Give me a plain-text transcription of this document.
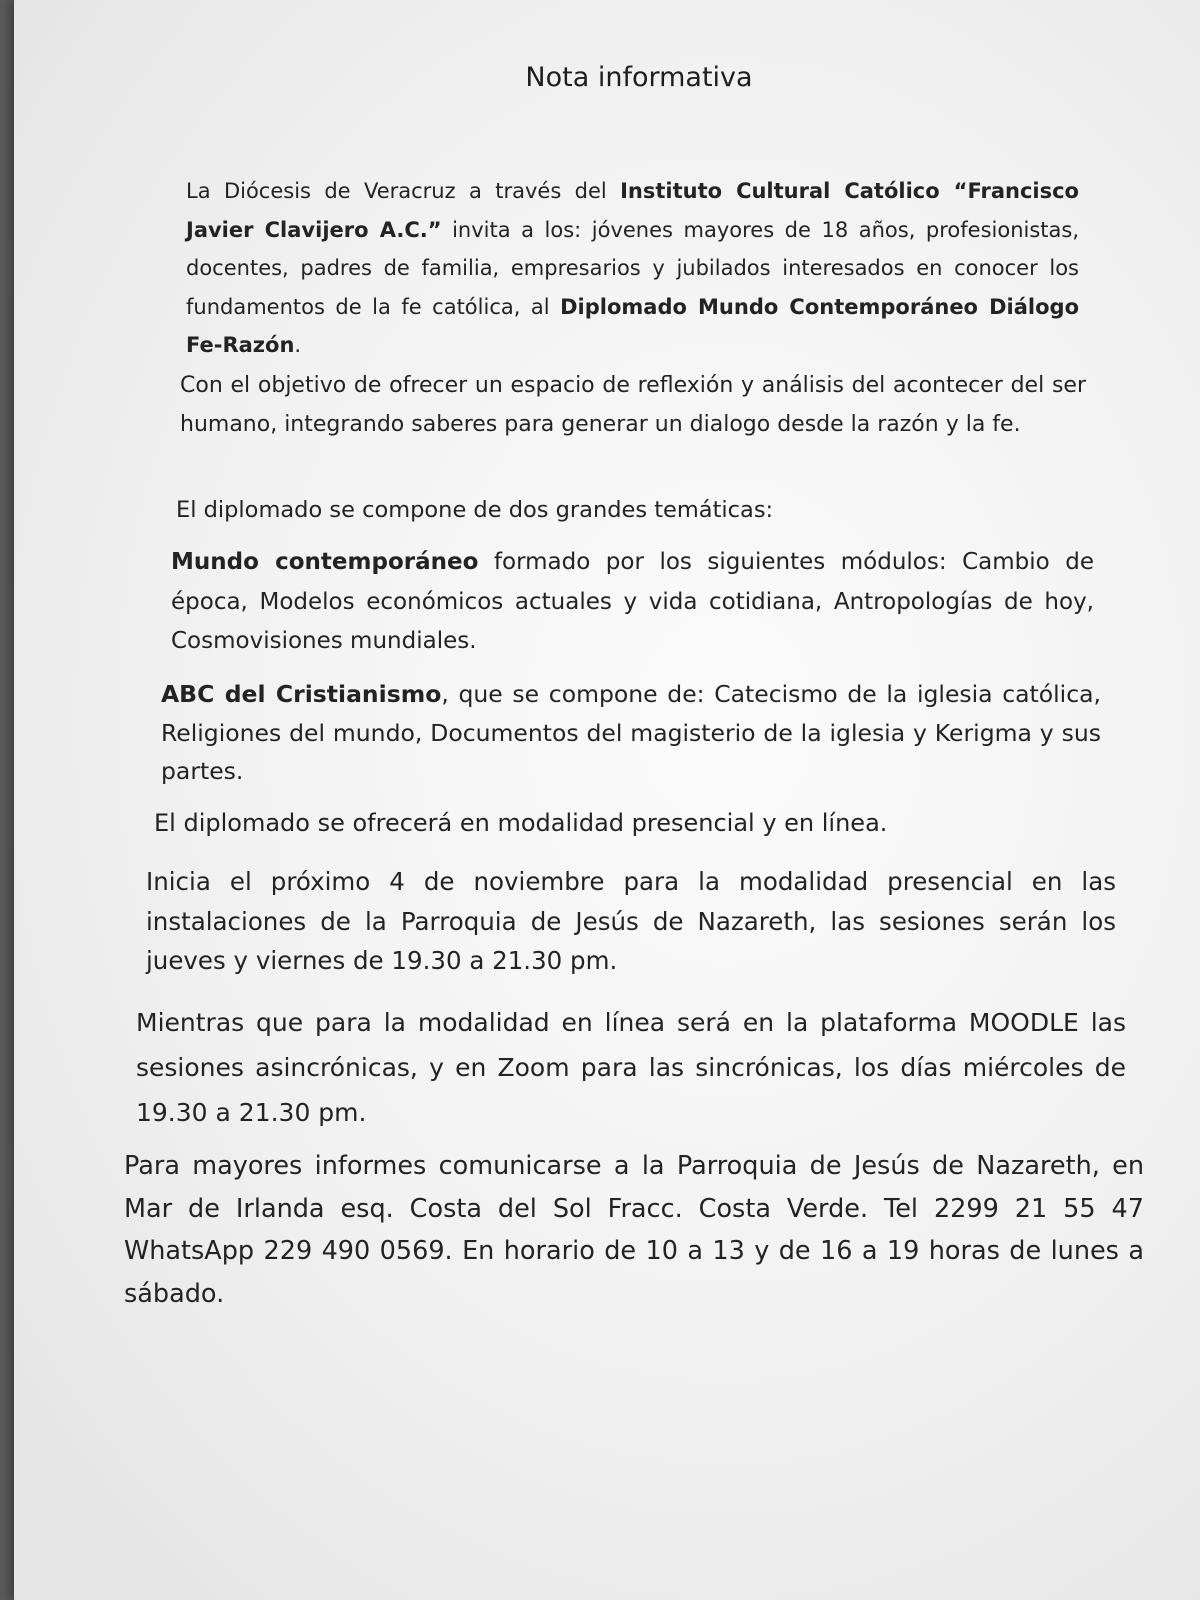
Nota informativa

La Diócesis de Veracruz a través del Instituto Cultural Católico “Francisco Javier Clavijero A.C.” invita a los: jóvenes mayores de 18 años, profesionistas, docentes, padres de familia, empresarios y jubilados interesados en conocer los fundamentos de la fe católica, al Diplomado Mundo Contemporáneo Diálogo Fe-Razón.

Con el objetivo de ofrecer un espacio de reflexión y análisis del acontecer del ser humano, integrando saberes para generar un dialogo desde la razón y la fe.

El diplomado se compone de dos grandes temáticas:

Mundo contemporáneo formado por los siguientes módulos: Cambio de época, Modelos económicos actuales y vida cotidiana, Antropologías de hoy, Cosmovisiones mundiales.

ABC del Cristianismo, que se compone de: Catecismo de la iglesia católica, Religiones del mundo, Documentos del magisterio de la iglesia y Kerigma y sus partes.

El diplomado se ofrecerá en modalidad presencial y en línea.

Inicia el próximo 4 de noviembre para la modalidad presencial en las instalaciones de la Parroquia de Jesús de Nazareth, las sesiones serán los jueves y viernes de 19.30 a 21.30 pm.

Mientras que para la modalidad en línea será en la plataforma MOODLE las sesiones asincrónicas, y en Zoom para las sincrónicas, los días miércoles de 19.30 a 21.30 pm.

Para mayores informes comunicarse a la Parroquia de Jesús de Nazareth, en Mar de Irlanda esq. Costa del Sol Fracc. Costa Verde. Tel 2299 21 55 47 WhatsApp 229 490 0569. En horario de 10 a 13 y de 16 a 19 horas de lunes a sábado.
